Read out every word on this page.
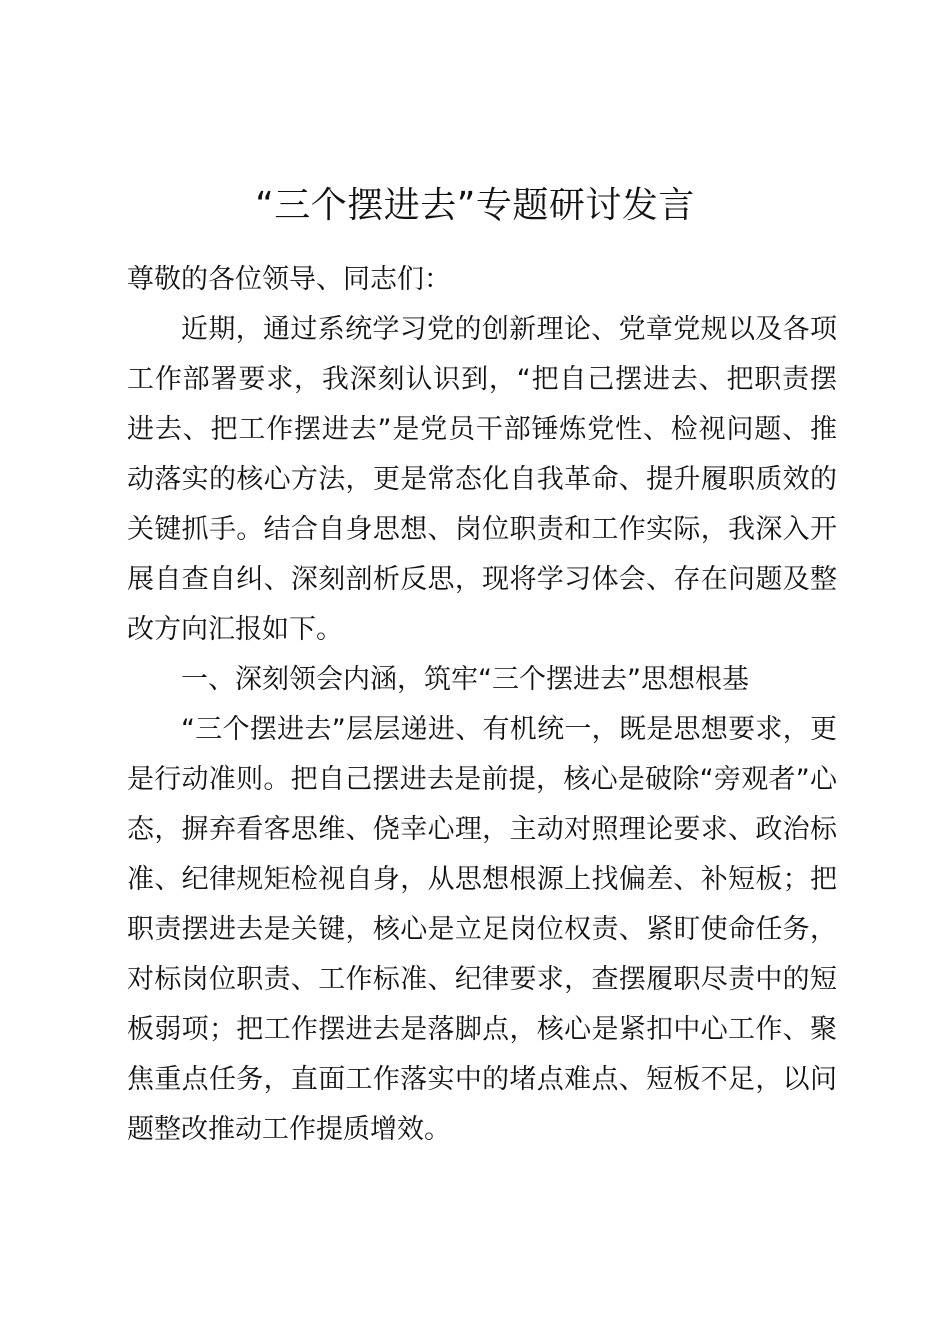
“三个摆进去”专题研讨发言

尊敬的各位领导、同志们：

近期，通过系统学习党的创新理论、党章党规以及各项工作部署要求，我深刻认识到，“把自己摆进去、把职责摆进去、把工作摆进去”是党员干部锤炼党性、检视问题、推动落实的核心方法，更是常态化自我革命、提升履职质效的关键抓手。结合自身思想、岗位职责和工作实际，我深入开展自查自纠、深刻剖析反思，现将学习体会、存在问题及整改方向汇报如下。

一、深刻领会内涵，筑牢“三个摆进去”思想根基

“三个摆进去”层层递进、有机统一，既是思想要求，更是行动准则。把自己摆进去是前提，核心是破除“旁观者”心态，摒弃看客思维、侥幸心理，主动对照理论要求、政治标准、纪律规矩检视自身，从思想根源上找偏差、补短板；把职责摆进去是关键，核心是立足岗位权责、紧盯使命任务，对标岗位职责、工作标准、纪律要求，查摆履职尽责中的短板弱项；把工作摆进去是落脚点，核心是紧扣中心工作、聚焦重点任务，直面工作落实中的堵点难点、短板不足，以问题整改推动工作提质增效。
